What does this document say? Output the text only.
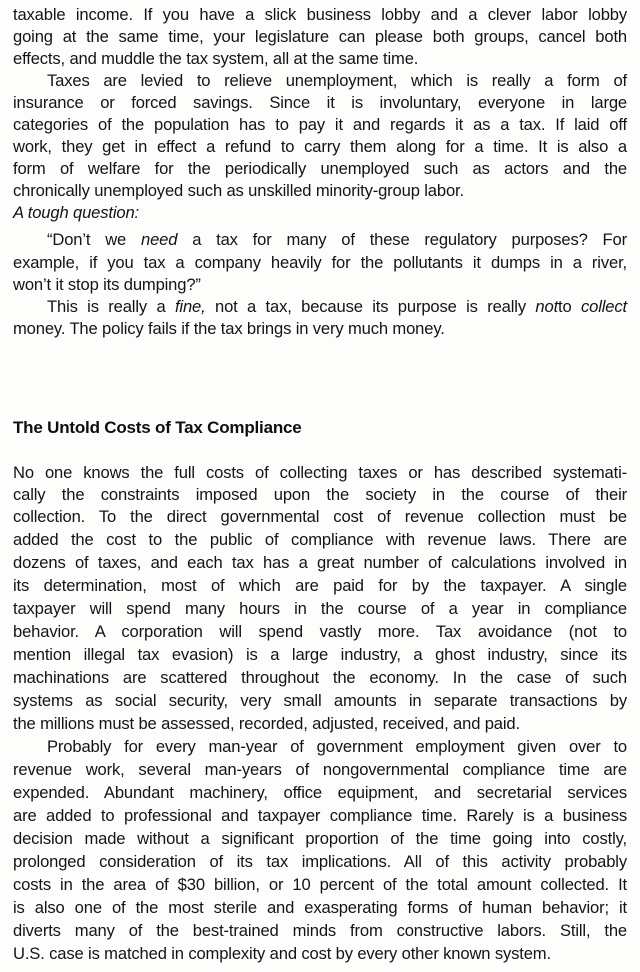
taxable income. If you have a slick business lobby and a clever labor lobby
going at the same time, your legislature can please both groups, cancel both
effects, and muddle the tax system, all at the same time.
Taxes are levied to relieve unemployment, which is really a form of
insurance or forced savings. Since it is involuntary, everyone in large
categories of the population has to pay it and regards it as a tax. If laid off
work, they get in effect a refund to carry them along for a time. It is also a
form of welfare for the periodically unemployed such as actors and the
chronically unemployed such as unskilled minority-group labor.
A tough question:
“Don’t we need a tax for many of these regulatory purposes? For
example, if you tax a company heavily for the pollutants it dumps in a river,
won’t it stop its dumping?”
This is really a fine, not a tax, because its purpose is really notto collect
money. The policy fails if the tax brings in very much money.
The Untold Costs of Tax Compliance
No one knows the full costs of collecting taxes or has described systemati-
cally the constraints imposed upon the society in the course of their
collection. To the direct governmental cost of revenue collection must be
added the cost to the public of compliance with revenue laws. There are
dozens of taxes, and each tax has a great number of calculations involved in
its determination, most of which are paid for by the taxpayer. A single
taxpayer will spend many hours in the course of a year in compliance
behavior. A corporation will spend vastly more. Tax avoidance (not to
mention illegal tax evasion) is a large industry, a ghost industry, since its
machinations are scattered throughout the economy. In the case of such
systems as social security, very small amounts in separate transactions by
the millions must be assessed, recorded, adjusted, received, and paid.
Probably for every man-year of government employment given over to
revenue work, several man-years of nongovernmental compliance time are
expended. Abundant machinery, office equipment, and secretarial services
are added to professional and taxpayer compliance time. Rarely is a business
decision made without a significant proportion of the time going into costly,
prolonged consideration of its tax implications. All of this activity probably
costs in the area of $30 billion, or 10 percent of the total amount collected. It
is also one of the most sterile and exasperating forms of human behavior; it
diverts many of the best-trained minds from constructive labors. Still, the
U.S. case is matched in complexity and cost by every other known system.
